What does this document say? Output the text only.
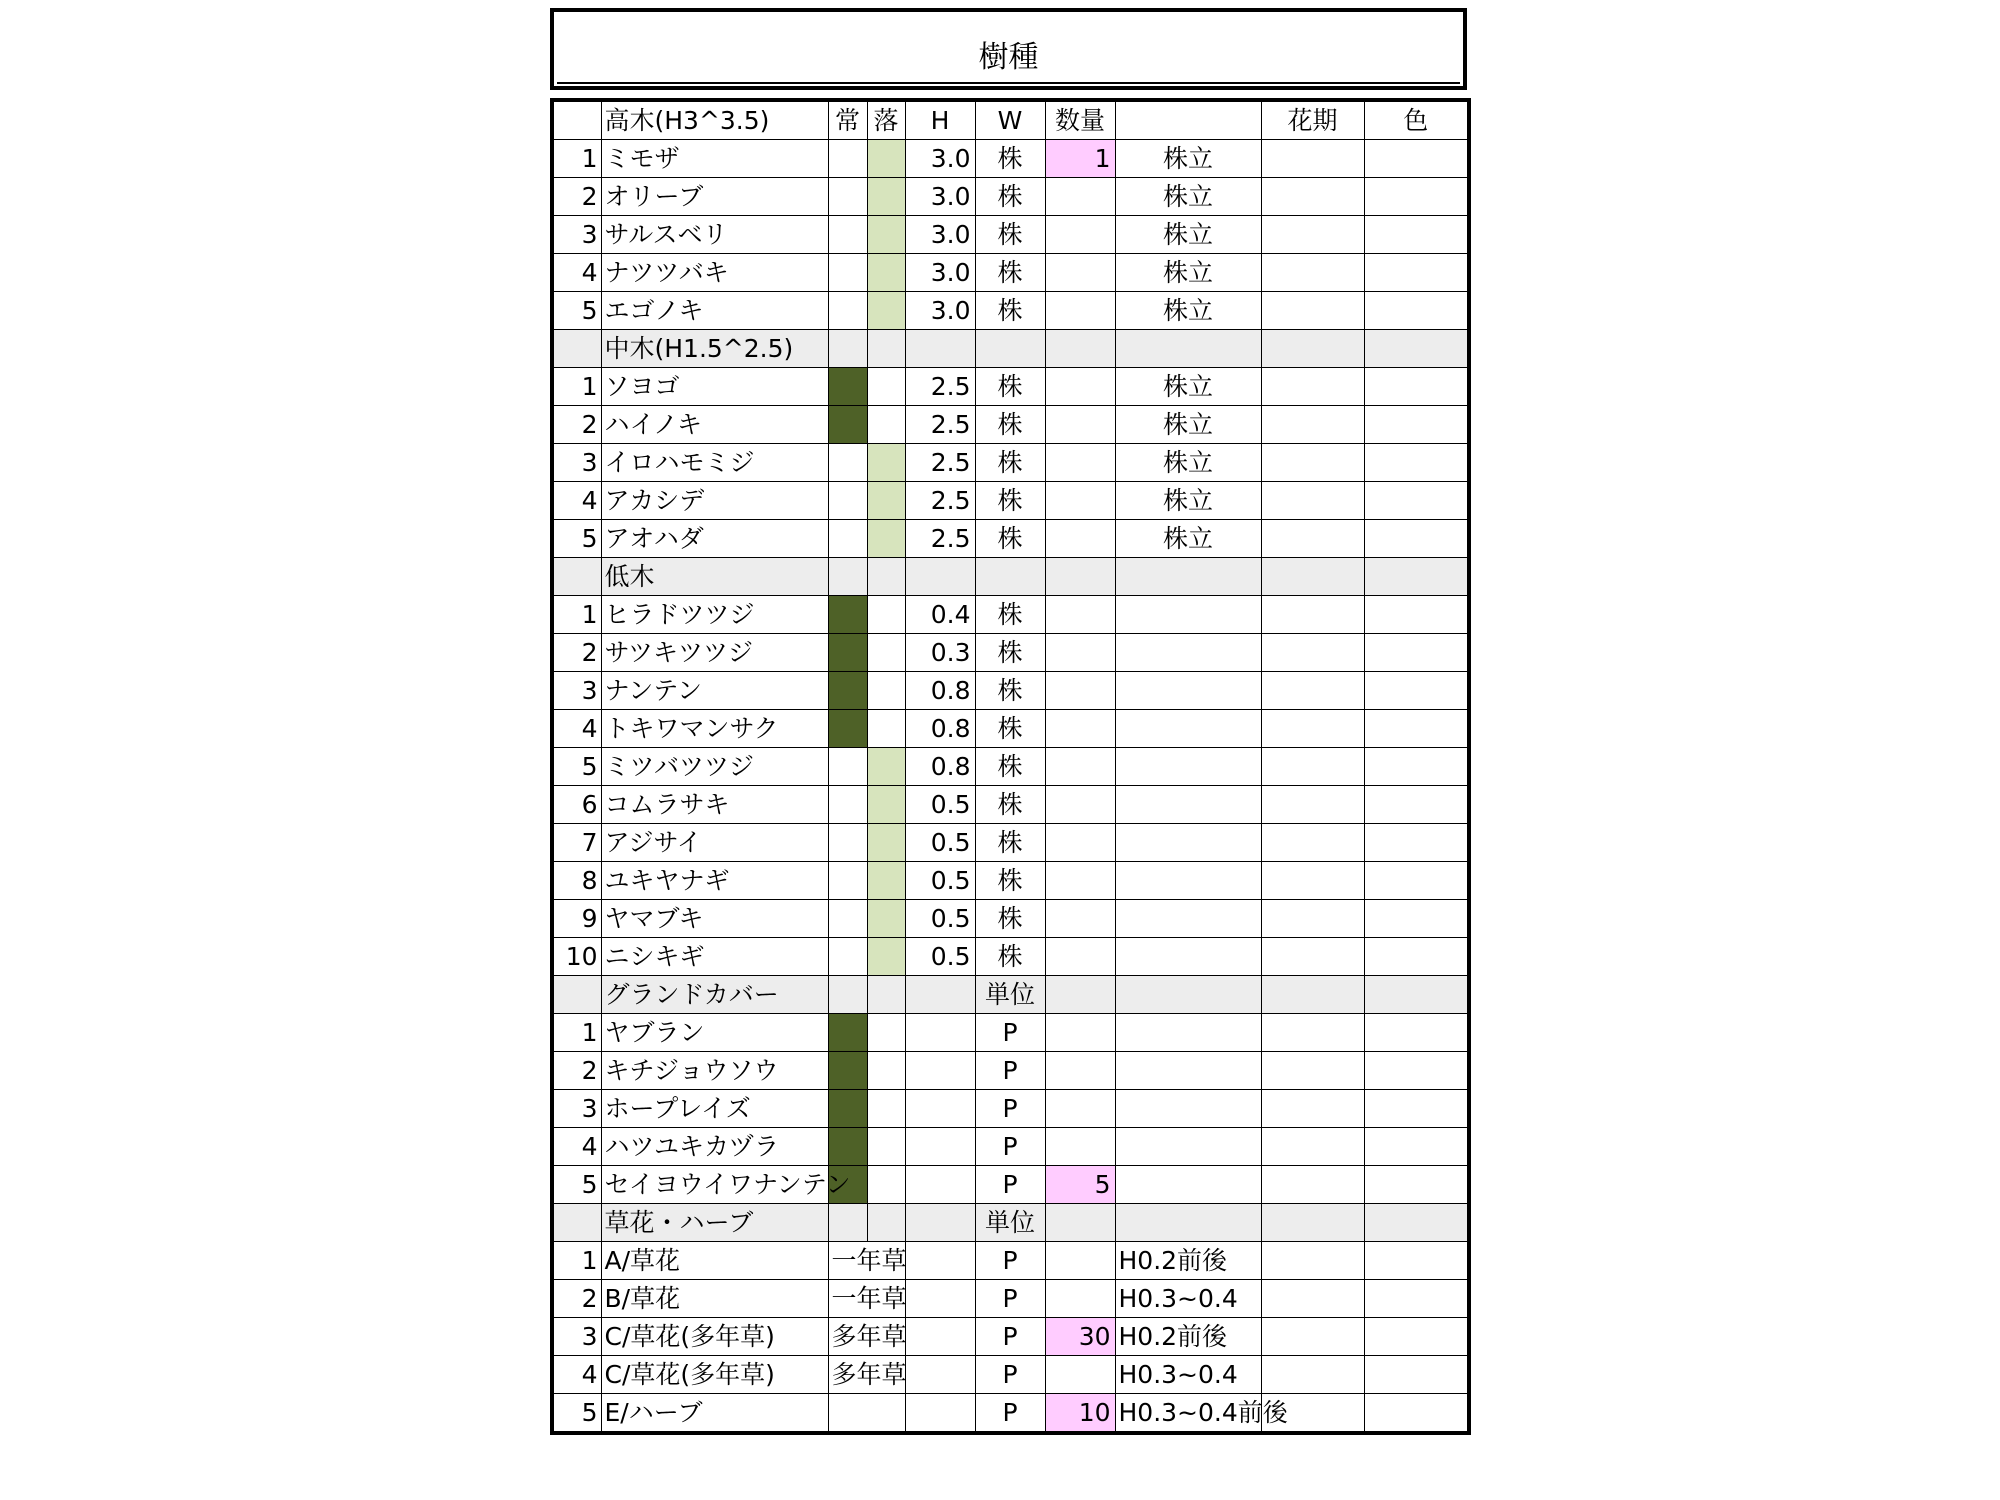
樹種
	高木(H3^3.5)	常	落	H	W	数量		花期	色
1	ミモザ			3.0	株	1	株立		
2	オリーブ			3.0	株		株立		
3	サルスベリ			3.0	株		株立		
4	ナツツバキ			3.0	株		株立		
5	エゴノキ			3.0	株		株立		
	中木(H1.5^2.5)								
1	ソヨゴ			2.5	株		株立		
2	ハイノキ			2.5	株		株立		
3	イロハモミジ			2.5	株		株立		
4	アカシデ			2.5	株		株立		
5	アオハダ			2.5	株		株立		
	低木								
1	ヒラドツツジ			0.4	株				
2	サツキツツジ			0.3	株				
3	ナンテン			0.8	株				
4	トキワマンサク			0.8	株				
5	ミツバツツジ			0.8	株				
6	コムラサキ			0.5	株				
7	アジサイ			0.5	株				
8	ユキヤナギ			0.5	株				
9	ヤマブキ			0.5	株				
10	ニシキギ			0.5	株				
	グランドカバー				単位				
1	ヤブラン				P				
2	キチジョウソウ				P				
3	ホープレイズ				P				
4	ハツユキカヅラ				P				
5	セイヨウイワナンテン				P	5			
	草花・ハーブ				単位				
1	A/草花	一年草			P		H0.2前後		
2	B/草花	一年草			P		H0.3~0.4		
3	C/草花(多年草)	多年草			P	30	H0.2前後		
4	C/草花(多年草)	多年草			P		H0.3~0.4		
5	E/ハーブ				P	10	H0.3~0.4前後		
